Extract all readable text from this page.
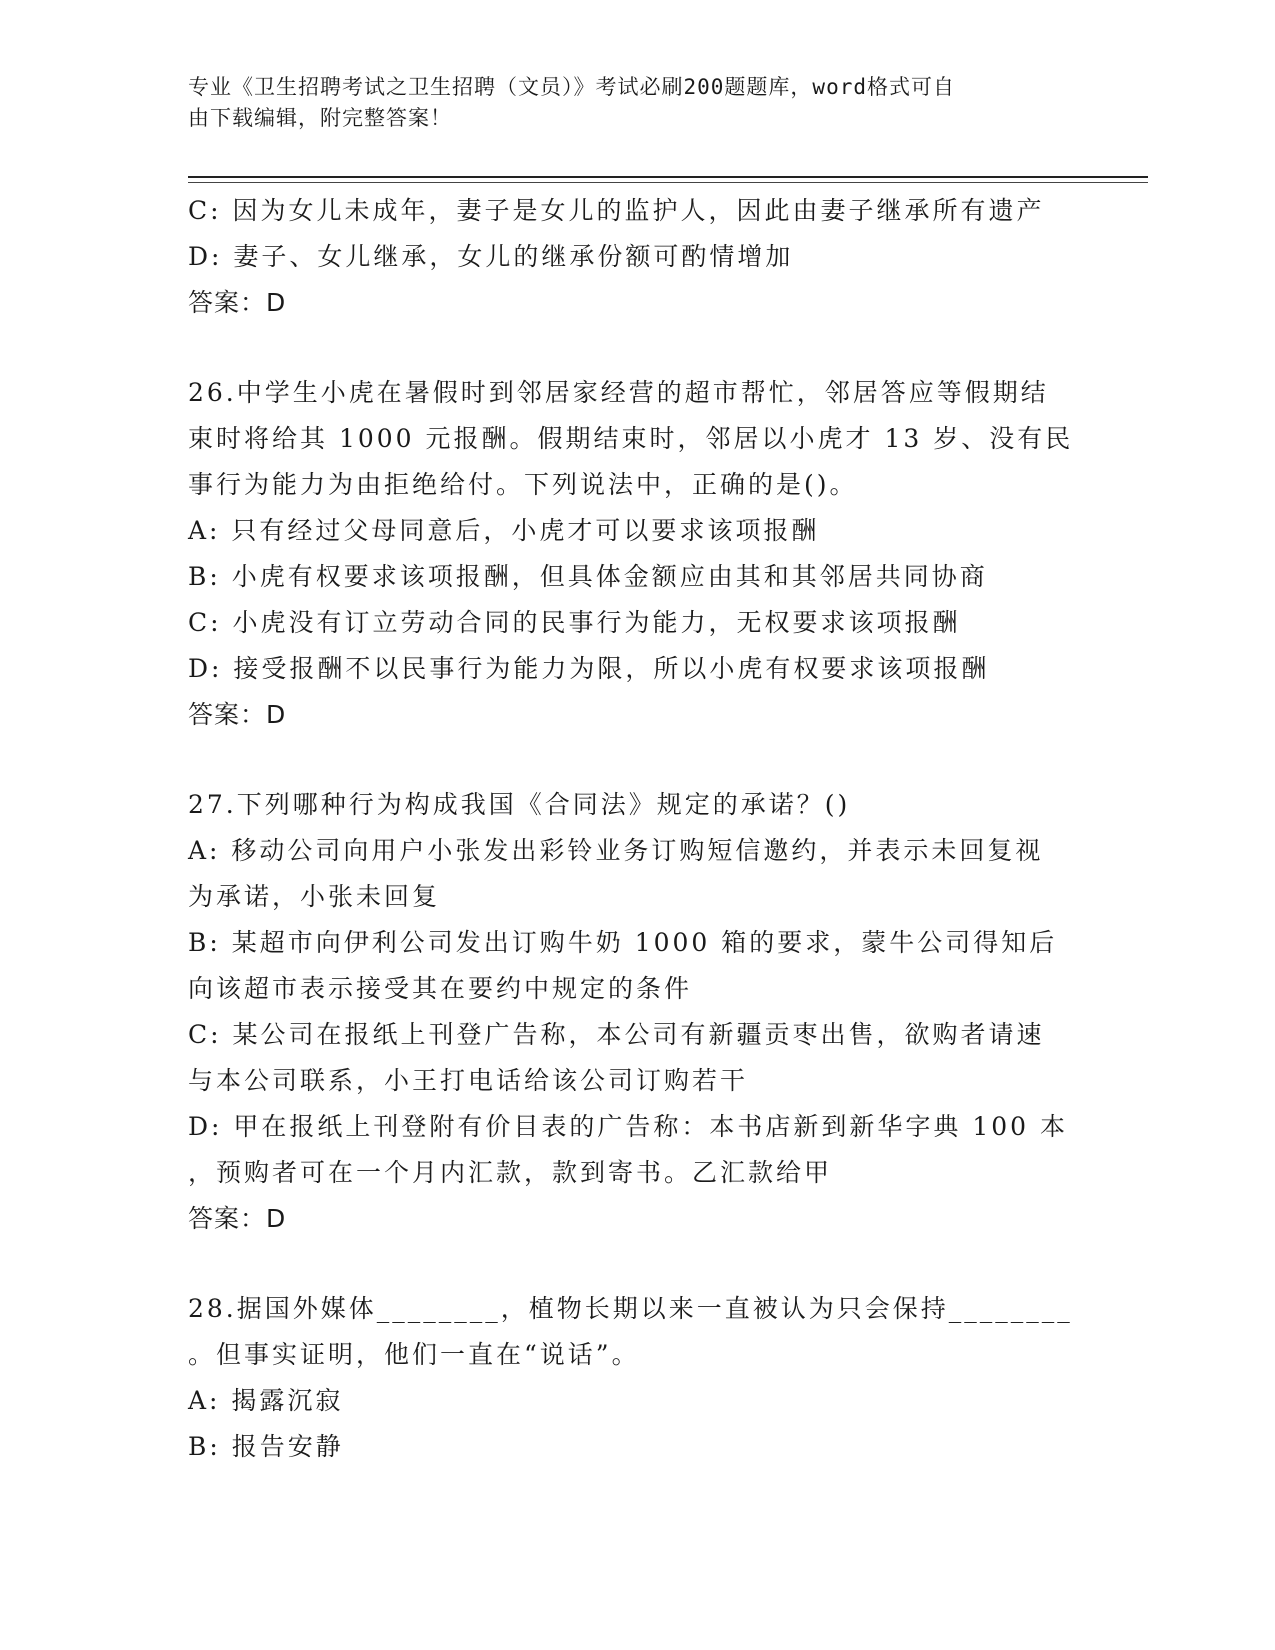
专业《卫生招聘考试之卫生招聘（文员）》考试必刷200题题库，word格式可自

由下载编辑，附完整答案！

C: 因为女儿未成年，妻子是女儿的监护人，因此由妻子继承所有遗产
D: 妻子、女儿继承，女儿的继承份额可酌情增加
答案：D
26.中学生小虎在暑假时到邻居家经营的超市帮忙，邻居答应等假期结
束时将给其 1000 元报酬。假期结束时，邻居以小虎才 13 岁、没有民
事行为能力为由拒绝给付。下列说法中，正确的是()。
A: 只有经过父母同意后，小虎才可以要求该项报酬
B: 小虎有权要求该项报酬，但具体金额应由其和其邻居共同协商
C: 小虎没有订立劳动合同的民事行为能力，无权要求该项报酬
D: 接受报酬不以民事行为能力为限，所以小虎有权要求该项报酬
答案：D
27.下列哪种行为构成我国《合同法》规定的承诺？()
A: 移动公司向用户小张发出彩铃业务订购短信邀约，并表示未回复视
为承诺，小张未回复
B: 某超市向伊利公司发出订购牛奶 1000 箱的要求，蒙牛公司得知后
向该超市表示接受其在要约中规定的条件
C: 某公司在报纸上刊登广告称，本公司有新疆贡枣出售，欲购者请速
与本公司联系，小王打电话给该公司订购若干
D: 甲在报纸上刊登附有价目表的广告称：本书店新到新华字典 100 本
，预购者可在一个月内汇款，款到寄书。乙汇款给甲
答案：D
28.据国外媒体________，植物长期以来一直被认为只会保持________
。但事实证明，他们一直在“说话”。
A: 揭露沉寂
B: 报告安静
